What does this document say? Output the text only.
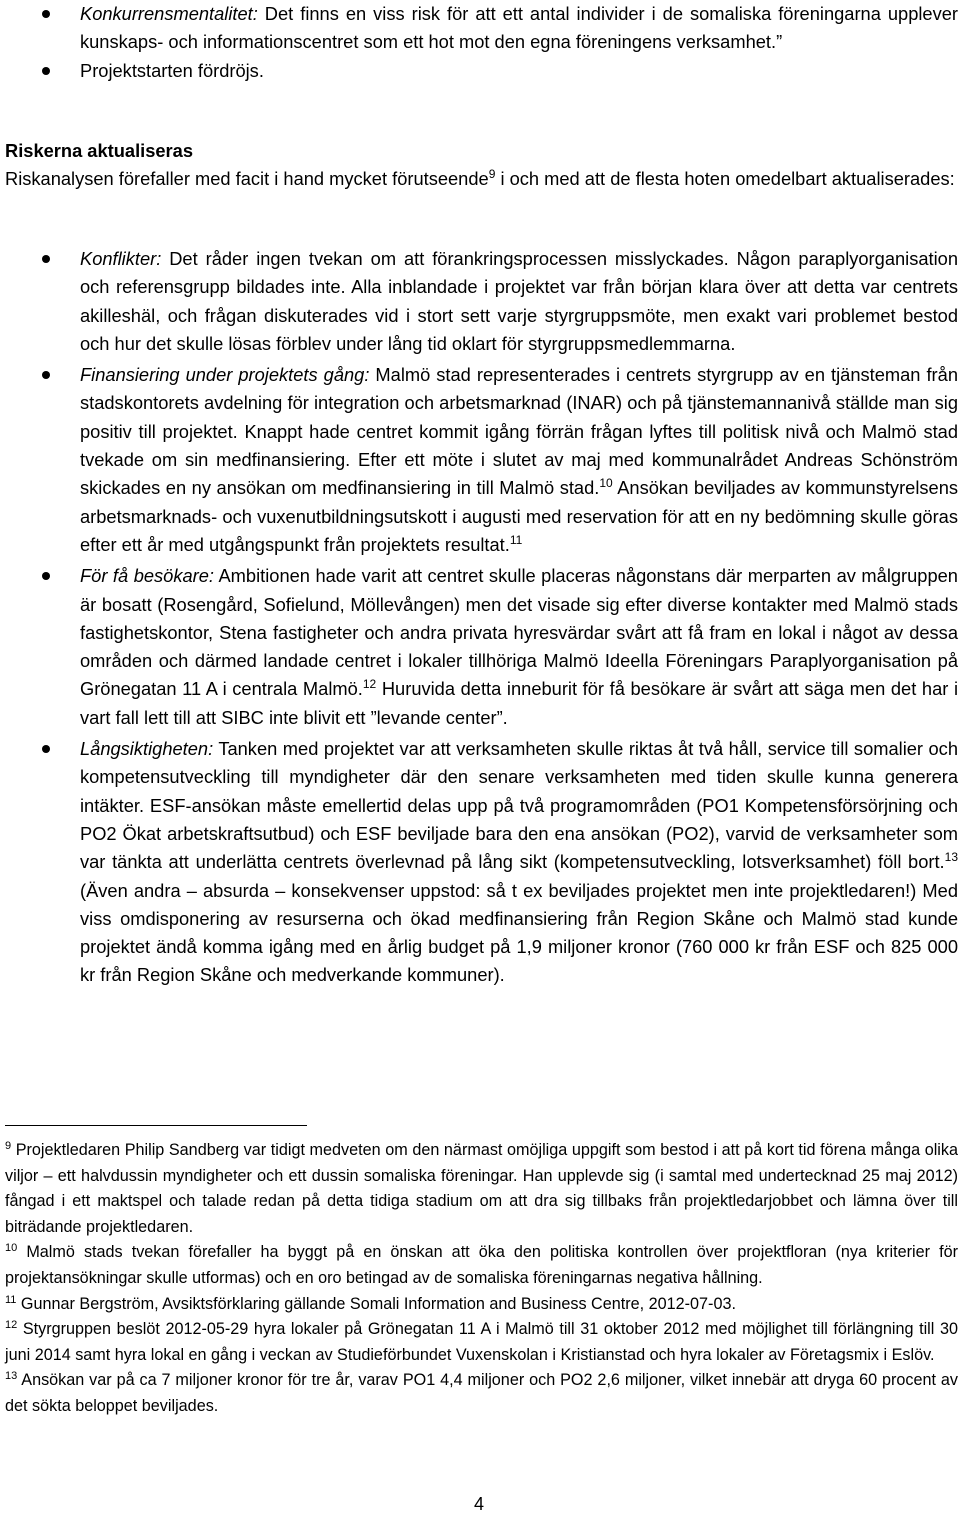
Konkurrensmentalitet: Det finns en viss risk för att ett antal individer i de somaliska föreningarna upplever kunskaps- och informationscentret som ett hot mot den egna föreningens verksamhet.”
Projektstarten fördröjs.
Riskerna aktualiseras
Riskanalysen förefaller med facit i hand mycket förutseende$^9$ i och med att de flesta hoten omedelbart aktualiserades:
Konflikter: Det råder ingen tvekan om att förankringsprocessen misslyckades. Någon paraplyorganisation och referensgrupp bildades inte. Alla inblandade i projektet var från början klara över att detta var centrets akilleshäl, och frågan diskuterades vid i stort sett varje styrgruppsmöte, men exakt vari problemet bestod och hur det skulle lösas förblev under lång tid oklart för styrgruppsmedlemmarna.
Finansiering under projektets gång: Malmö stad representerades i centrets styrgrupp av en tjänsteman från stadskontorets avdelning för integration och arbetsmarknad (INAR) och på tjänstemannanivå ställde man sig positiv till projektet. Knappt hade centret kommit igång förrän frågan lyftes till politisk nivå och Malmö stad tvekade om sin medfinansiering. Efter ett möte i slutet av maj med kommunalrådet Andreas Schönström skickades en ny ansökan om medfinansiering in till Malmö stad.$^{10}$ Ansökan beviljades av kommunstyrelsens arbetsmarknads- och vuxenutbildningsutskott i augusti med reservation för att en ny bedömning skulle göras efter ett år med utgångspunkt från projektets resultat.$^{11}$
För få besökare: Ambitionen hade varit att centret skulle placeras någonstans där merparten av målgruppen är bosatt (Rosengård, Sofielund, Möllevången) men det visade sig efter diverse kontakter med Malmö stads fastighetskontor, Stena fastigheter och andra privata hyresvärdar svårt att få fram en lokal i något av dessa områden och därmed landade centret i lokaler tillhöriga Malmö Ideella Föreningars Paraplyorganisation på Grönegatan 11 A i centrala Malmö.$^{12}$ Huruvida detta inneburit för få besökare är svårt att säga men det har i vart fall lett till att SIBC inte blivit ett ”levande center”.
Långsiktigheten: Tanken med projektet var att verksamheten skulle riktas åt två håll, service till somalier och kompetensutveckling till myndigheter där den senare verksamheten med tiden skulle kunna generera intäkter. ESF-ansökan måste emellertid delas upp på två programområden (PO1 Kompetensförsörjning och PO2 Ökat arbetskraftsutbud) och ESF beviljade bara den ena ansökan (PO2), varvid de verksamheter som var tänkta att underlätta centrets överlevnad på lång sikt (kompetensutveckling, lotsverksamhet) föll bort.$^{13}$ (Även andra – absurda – konsekvenser uppstod: så t ex beviljades projektet men inte projektledaren!) Med viss omdisponering av resurserna och ökad medfinansiering från Region Skåne och Malmö stad kunde projektet ändå komma igång med en årlig budget på 1,9 miljoner kronor (760 000 kr från ESF och 825 000 kr från Region Skåne och medverkande kommuner).
$^9$ Projektledaren Philip Sandberg var tidigt medveten om den närmast omöjliga uppgift som bestod i att på kort tid förena många olika viljor – ett halvdussin myndigheter och ett dussin somaliska föreningar. Han upplevde sig (i samtal med undertecknad 25 maj 2012) fångad i ett maktspel och talade redan på detta tidiga stadium om att dra sig tillbaks från projektledarjobbet och lämna över till biträdande projektledaren.
$^{10}$ Malmö stads tvekan förefaller ha byggt på en önskan att öka den politiska kontrollen över projektfloran (nya kriterier för projektansökningar skulle utformas) och en oro betingad av de somaliska föreningarnas negativa hållning.
$^{11}$ Gunnar Bergström, Avsiktsförklaring gällande Somali Information and Business Centre, 2012-07-03.
$^{12}$ Styrgruppen beslöt 2012-05-29 hyra lokaler på Grönegatan 11 A i Malmö till 31 oktober 2012 med möjlighet till förlängning till 30 juni 2014 samt hyra lokal en gång i veckan av Studieförbundet Vuxenskolan i Kristianstad och hyra lokaler av Företagsmix i Eslöv.
$^{13}$ Ansökan var på ca 7 miljoner kronor för tre år, varav PO1 4,4 miljoner och PO2 2,6 miljoner, vilket innebär att dryga 60 procent av det sökta beloppet beviljades.
4
